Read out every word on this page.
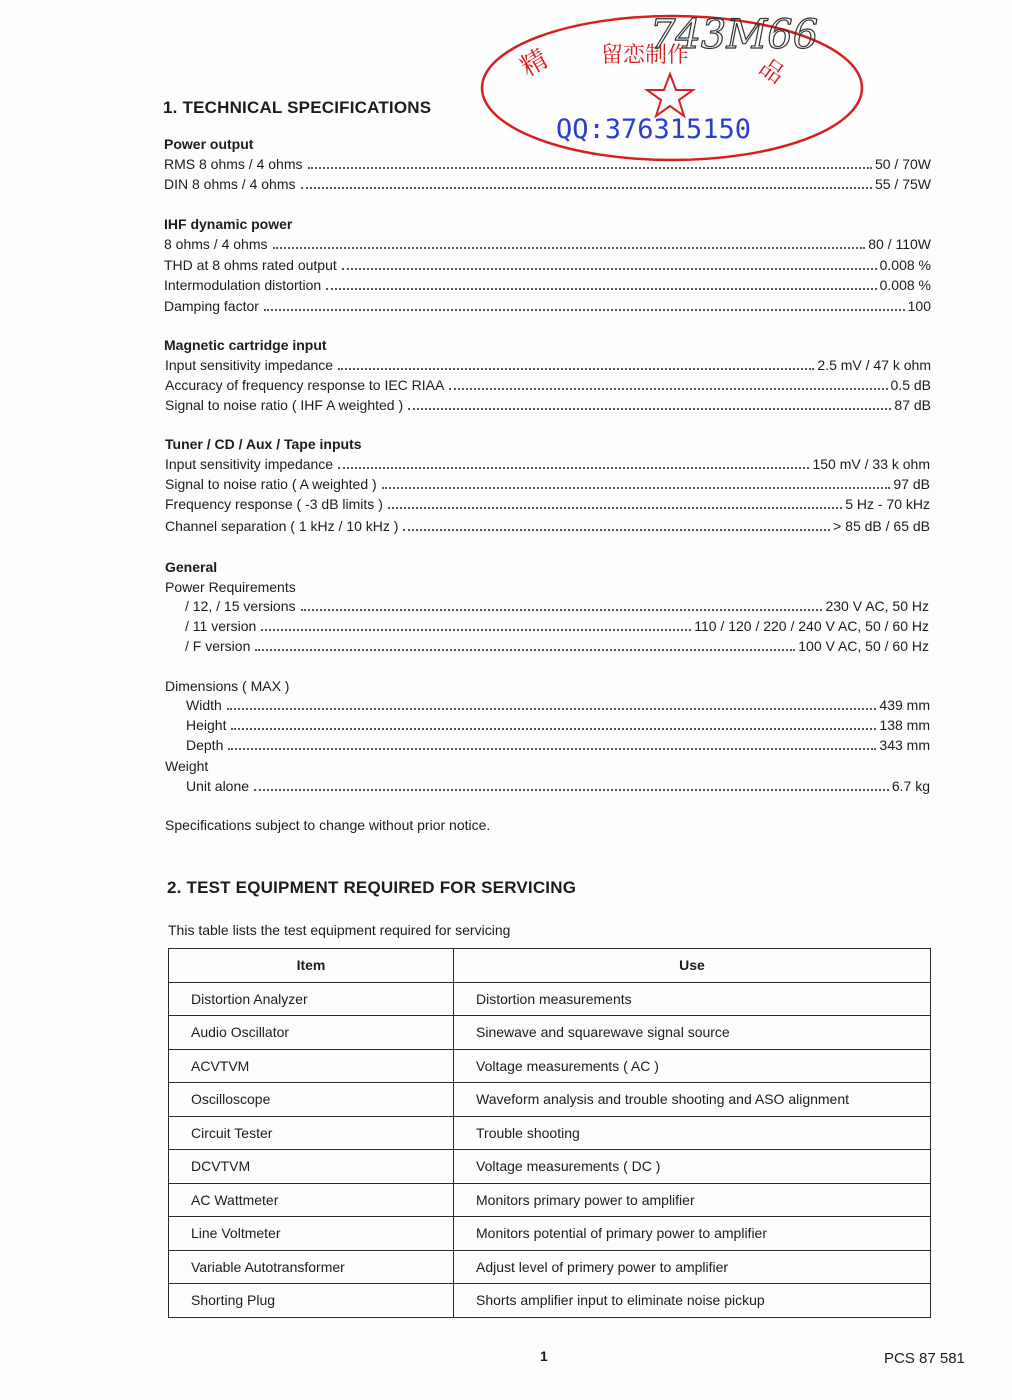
1. TECHNICAL SPECIFICATIONS
精 留恋制作	品
QQ:376315150
743M66
Power output
RMS 8 ohms / 4 ohms	50 / 70W
DIN 8 ohms / 4 ohms	55 / 75W
IHF dynamic power
8 ohms / 4 ohms	80 / 110W
THD at 8 ohms rated output	0.008 %
Intermodulation distortion	0.008 %
Damping factor	100
Magnetic cartridge input
Input sensitivity impedance	2.5 mV / 47 k ohm
Accuracy of frequency response to IEC RIAA	0.5 dB
Signal to noise ratio ( IHF A weighted )	87 dB
Tuner / CD / Aux / Tape inputs
Input sensitivity impedance	150 mV / 33 k ohm
Signal to noise ratio ( A weighted )	97 dB
Frequency response ( -3 dB limits )	5 Hz - 70 kHz
Channel separation ( 1 kHz / 10 kHz )	> 85 dB / 65 dB
General
Power Requirements
/ 12, / 15 versions	230 V AC, 50 Hz
/ 11 version	110 / 120 / 220 / 240 V AC, 50 / 60 Hz
/ F version	100 V AC, 50 / 60 Hz
Dimensions ( MAX )
Width	439 mm
Height	138 mm
Depth	343 mm
Weight
Unit alone	6.7 kg
Specifications subject to change without prior notice.
2. TEST EQUIPMENT REQUIRED FOR SERVICING
This table lists the test equipment required for servicing
Item	Use
Distortion Analyzer	Distortion measurements
Audio Oscillator	Sinewave and squarewave signal source
ACVTVM	Voltage measurements ( AC )
Oscilloscope	Waveform analysis and trouble shooting and ASO alignment
Circuit Tester	Trouble shooting
DCVTVM	Voltage measurements ( DC )
AC Wattmeter	Monitors primary power to amplifier
Line Voltmeter	Monitors potential of primary power to amplifier
Variable Autotransformer	Adjust level of primery power to amplifier
Shorting Plug	Shorts amplifier input to eliminate noise pickup
1	PCS 87 581
